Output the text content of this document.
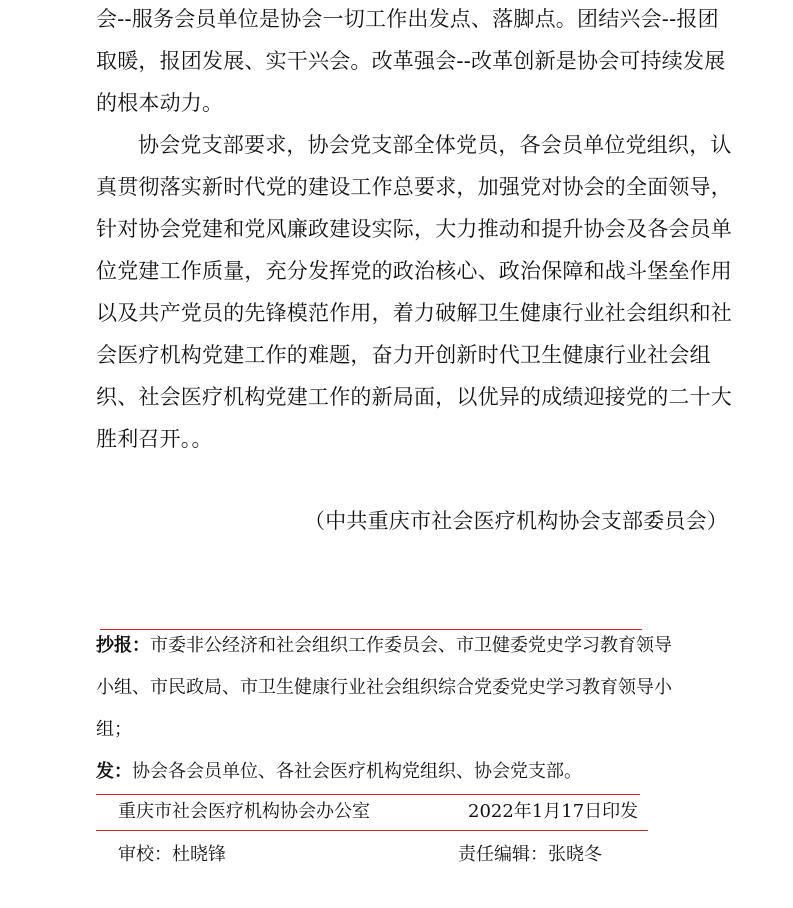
会--服务会员单位是协会一切工作出发点、落脚点。团结兴会--报团
取暖，报团发展、实干兴会。改革强会--改革创新是协会可持续发展
的根本动力。
协会党支部要求，协会党支部全体党员，各会员单位党组织，认
真贯彻落实新时代党的建设工作总要求，加强党对协会的全面领导，
针对协会党建和党风廉政建设实际，大力推动和提升协会及各会员单
位党建工作质量，充分发挥党的政治核心、政治保障和战斗堡垒作用
以及共产党员的先锋模范作用，着力破解卫生健康行业社会组织和社
会医疗机构党建工作的难题，奋力开创新时代卫生健康行业社会组
织、社会医疗机构党建工作的新局面，以优异的成绩迎接党的二十大
胜利召开。。
（中共重庆市社会医疗机构协会支部委员会）
抄报：市委非公经济和社会组织工作委员会、市卫健委党史学习教育领导
小组、市民政局、市卫生健康行业社会组织综合党委党史学习教育领导小
组；
发：协会各会员单位、各社会医疗机构党组织、协会党支部。
重庆市社会医疗机构协会办公室	2022年1月17日印发
审校：杜晓锋	责任编辑：张晓冬
